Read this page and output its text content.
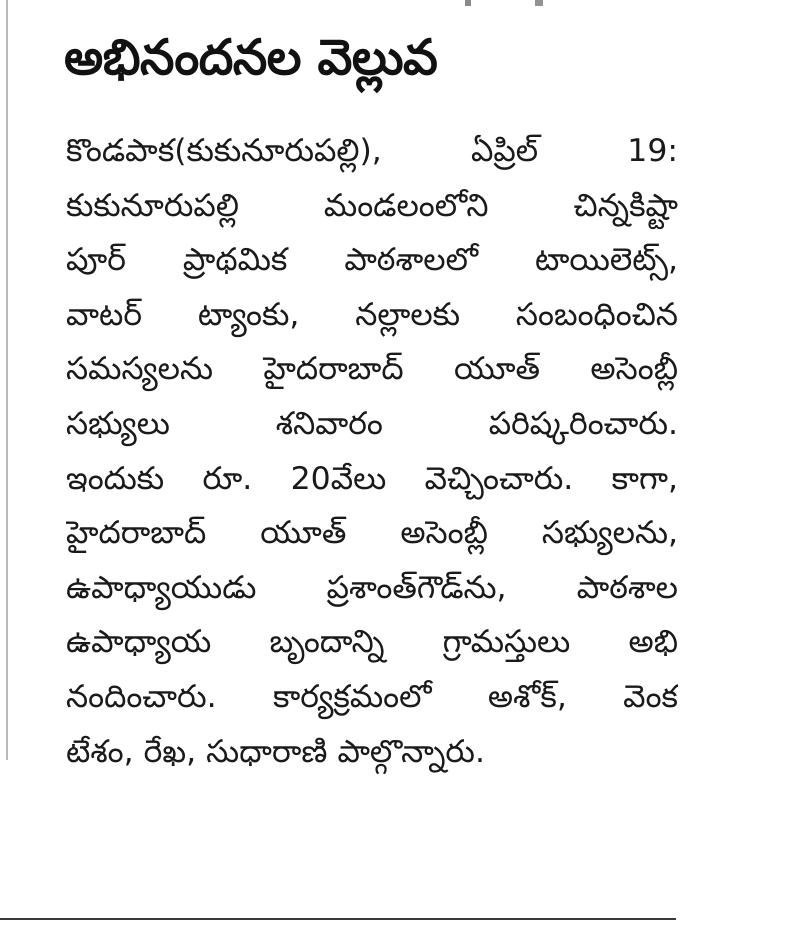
అభినందనల వెల్లువ
కొండపాక(కుకునూరుపల్లి), ఏప్రిల్ 19:
కుకునూరుపల్లి మండలంలోని చిన్నకిష్టా
పూర్ ప్రాథమిక పాఠశాలలో టాయిలెట్స్,
వాటర్ ట్యాంకు, నల్లాలకు సంబంధించిన
సమస్యలను హైదరాబాద్ యూత్ అసెంబ్లీ
సభ్యులు శనివారం పరిష్కరించారు.
ఇందుకు రూ. 20వేలు వెచ్చించారు. కాగా,
హైదరాబాద్ యూత్ అసెంబ్లీ సభ్యులను,
ఉపాధ్యాయుడు ప్రశాంత్‌గౌడ్‌ను, పాఠశాల
ఉపాధ్యాయ బృందాన్ని గ్రామస్తులు అభి
నందించారు. కార్యక్రమంలో అశోక్, వెంక
టేశం, రేఖ, సుధారాణి పాల్గొన్నారు.
